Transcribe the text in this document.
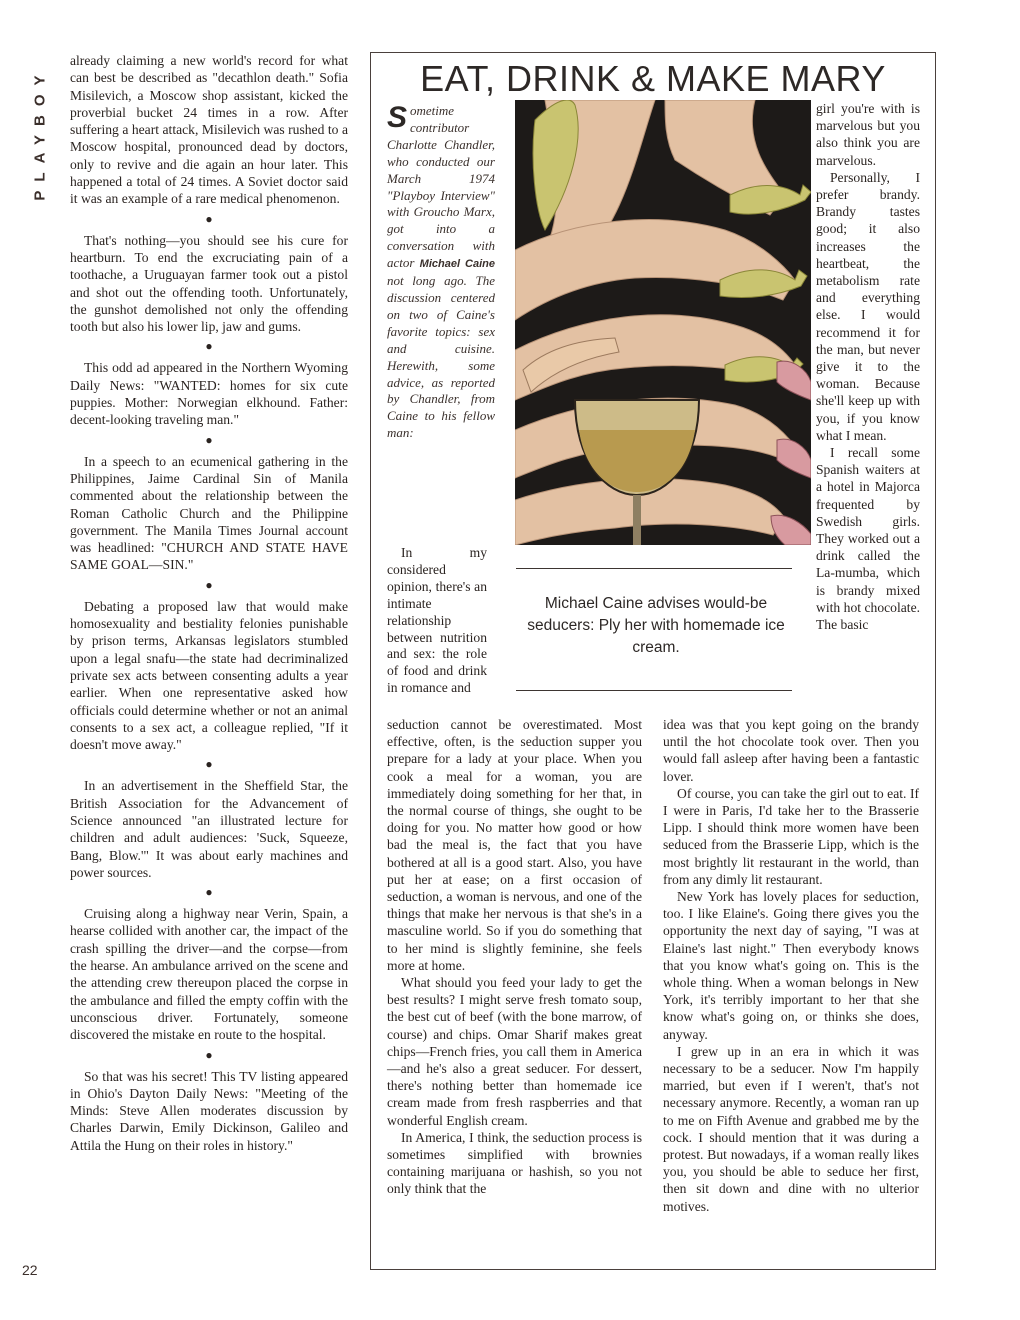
PLAYBOY
22

already claiming a new world's record for what can best be described as "decathlon death." Sofia Misilevich, a Moscow shop assistant, kicked the proverbial bucket 24 times in a row. After suffering a heart attack, Misilevich was rushed to a Moscow hospital, pronounced dead by doctors, only to revive and die again an hour later. This happened a total of 24 times. A Soviet doctor said it was an example of a rare medical phenomenon.

●

That's nothing—you should see his cure for heartburn. To end the excruciating pain of a toothache, a Uruguayan farmer took out a pistol and shot out the offending tooth. Unfortunately, the gunshot demolished not only the offending tooth but also his lower lip, jaw and gums.

●

This odd ad appeared in the Northern Wyoming Daily News: "WANTED: homes for six cute puppies. Mother: Norwegian elkhound. Father: decent-looking traveling man."

●

In a speech to an ecumenical gathering in the Philippines, Jaime Cardinal Sin of Manila commented about the relationship between the Roman Catholic Church and the Philippine government. The Manila Times Journal account was headlined: "CHURCH AND STATE HAVE SAME GOAL—SIN."

●

Debating a proposed law that would make homosexuality and bestiality felonies punishable by prison terms, Arkansas legislators stumbled upon a legal snafu—the state had decriminalized private sex acts between consenting adults a year earlier. When one representative asked how officials could determine whether or not an animal consents to a sex act, a colleague replied, "If it doesn't move away."

●

In an advertisement in the Sheffield Star, the British Association for the Advancement of Science announced "an illustrated lecture for children and adult audiences: 'Suck, Squeeze, Bang, Blow.'" It was about early machines and power sources.

●

Cruising along a highway near Verin, Spain, a hearse collided with another car, the impact of the crash spilling the driver—and the corpse—from the hearse. An ambulance arrived on the scene and the attending crew thereupon placed the corpse in the ambulance and filled the empty coffin with the unconscious driver. Fortunately, someone discovered the mistake en route to the hospital.

●

So that was his secret! This TV listing appeared in Ohio's Dayton Daily News: "Meeting of the Minds: Steve Allen moderates discussion by Charles Darwin, Emily Dickinson, Galileo and Attila the Hung on their roles in history."

EAT, DRINK & MAKE MARY
Sometime contributor Charlotte Chandler, who conducted our March 1974 "Playboy Interview" with Groucho Marx, got into a conversation with actor Michael Caine not long ago. The discussion centered on two of Caine's favorite topics: sex and cuisine. Herewith, some advice, as reported by Chandler, from Caine to his fellow man:

In my considered opinion, there's an intimate relationship between nutrition and sex: the role of food and drink in romance and

girl you're with is marvelous but you also think you are marvelous.

Personally, I prefer brandy. Brandy tastes good; it also increases the heartbeat, the metabolism rate and everything else. I would recommend it for the man, but never give it to the woman. Because she'll keep up with you, if you know what I mean.

I recall some Spanish waiters at a hotel in Majorca frequented by Swedish girls. They worked out a drink called the La-mumba, which is brandy mixed with hot chocolate. The basic

Michael Caine advises would-be seducers: Ply her with homemade ice cream.

seduction cannot be overestimated. Most effective, often, is the seduction supper you prepare for a lady at your place. When you cook a meal for a woman, you are immediately doing something for her that, in the normal course of things, she ought to be doing for you. No matter how good or how bad the meal is, the fact that you have bothered at all is a good start. Also, you have put her at ease; on a first occasion of seduction, a woman is nervous, and one of the things that make her nervous is that she's in a masculine world. So if you do something that to her mind is slightly feminine, she feels more at home.

What should you feed your lady to get the best results? I might serve fresh tomato soup, the best cut of beef (with the bone marrow, of course) and chips. Omar Sharif makes great chips—French fries, you call them in America—and he's also a great seducer. For dessert, there's nothing better than homemade ice cream made from fresh raspberries and that wonderful English cream.

In America, I think, the seduction process is sometimes simplified with brownies containing marijuana or hashish, so you not only think that the

idea was that you kept going on the brandy until the hot chocolate took over. Then you would fall asleep after having been a fantastic lover.

Of course, you can take the girl out to eat. If I were in Paris, I'd take her to the Brasserie Lipp. I should think more women have been seduced from the Brasserie Lipp, which is the most brightly lit restaurant in the world, than from any dimly lit restaurant.

New York has lovely places for seduction, too. I like Elaine's. Going there gives you the opportunity the next day of saying, "I was at Elaine's last night." Then everybody knows that you know what's going on. This is the whole thing. When a woman belongs in New York, it's terribly important to her that she know what's going on, or thinks she does, anyway.

I grew up in an era in which it was necessary to be a seducer. Now I'm happily married, but even if I weren't, that's not necessary anymore. Recently, a woman ran up to me on Fifth Avenue and grabbed me by the cock. I should mention that it was during a protest. But nowadays, if a woman really likes you, you should be able to seduce her first, then sit down and dine with no ulterior motives.
